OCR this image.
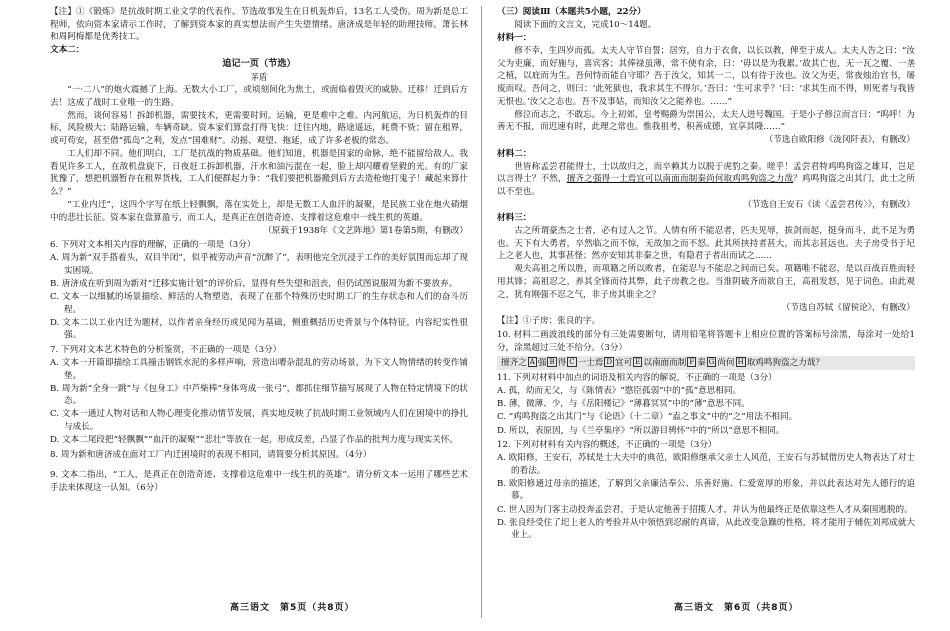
【注】①《锻炼》是抗战时期工业文学的代表作。节选故事发生在日机轰炸后，13名工人受伤。周为新是总工程师，依向资本家请示工作时，了解到资本家的真实想法而产生失望情绪。唐济成是年轻的助理技师。萧长林和周阿梅都是优秀技工。

文本二：

追记一页（节选）

茅盾

“一·二八”的炮火震撼了上海。无数大小工厂，或顷刻间化为焦土，或面临着毁灭的威胁。迁移！迁到后方去！这成了战时工业唯一的生路。

然而，谈何容易！拆卸机器，需要技术，更需要时间。运输，更是难中之难。内河航运，为日机轰炸的目标，风险极大；陆路运输，车辆奇缺。资本家们算盘打得飞快：迁往内地，路途遥远，耗费不赀；留在租界，或可苟安，甚至借“孤岛”之利，发点“国难财”。动摇、观望、拖延，成了许多老板的常态。

工人们却不同。他们明白，工厂是抗战的物质基础。他们知道，机器是国家的命脉，绝不能留给敌人。我看见许多工人，在敌机盘旋下，日夜赶工拆卸机器，汗水和油污混在一起，脸上却闪耀着坚毅的光。有的厂家犹豫了，想把机器暂存在租界货栈，工人们便群起力争：“我们要把机器搬到后方去造枪炮打鬼子！藏起来算什么？”

“工业内迁”，这四个字写在纸上轻飘飘，落在实处上，却是无数工人血汗的凝聚，是民族工业在炮火硝烟中的悲壮长征。资本家在盘算盈亏，而工人，是真正在创造奇迹、支撑着这危难中一线生机的英雄。

（原载于1938年《文艺阵地》第1卷第5期，有删改）

6. 下列对文本相关内容的理解，正确的一项是（3分）

A. 周为新“双手搭着头，双目半闭”，似乎被劳动声音“沉醉了”，表明他完全沉浸于工作的美好氛围而忘却了现实困境。

B. 唐济成在听到周为新对“迁移实施计划”的评价后，显得有些失望和沮丧，但仍试图说服周为新不要放弃。

C. 文本一以细腻的场景描绘、鲜活的人物塑造，表现了在那个特殊历史时期工厂的生存状态和人们的奋斗历程。

D. 文本二以工业内迁为题材，以作者亲身经历或见闻为基础，侧重概括历史背景与个体特征，内容纪实性很强。

7. 下列对文本艺术特色的分析鉴赏，不正确的一项是（3分）

A. 文本一开篇即描绘工具撞击钢铁水泥的多样声响，营造出嘈杂混乱的劳动场景，为下文人物情绪的转变作铺垫。

B. 周为新“全身一跳”与《包身工》中芦柴棒“身体弯成一张弓”，都抓住细节描写展现了人物在特定情境下的状态。

C. 文本一通过人物对话和人物心理变化推动情节发展，真实地反映了抗战时期工业领域内人们在困境中的挣扎与成长。

D. 文本二尾段把“轻飘飘”“血汗的凝聚”“悲壮”等放在一起，形成反差，凸显了作品的批判力度与现实关怀。

8. 周为新和唐济成在面对工厂内迁困境时的表现不相同，请简要分析其原因。（4分）

9. 文本二指出，“工人，是真正在创造奇迹、支撑着这危难中一线生机的英雄”。请分析文本一运用了哪些艺术手法来体现这一认知。（6分）

（三）阅读Ⅲ（本题共5小题，22分）

阅读下面的文言文，完成10～14题。

材料一：

修不幸，生四岁而孤。太夫人守节自誓；居穷，自力于衣食，以长以教，俾至于成人。太夫人告之曰：“汝父为吏廉，而好施与，喜宾客；其俸禄虽薄，常不使有余，曰：‘毋以是为我累。’故其亡也，无一瓦之覆、一垄之植，以庇而为生。吾何恃而能自守耶？吾于汝父，知其一二，以有待于汝也。汝父为吏，常夜烛治官书，屡废而叹。吾问之，则曰：‘此死狱也，我求其生不得尔。’吾曰：‘生可求乎？’曰：‘求其生而不得，则死者与我皆无恨也。’汝父之志也。吾不及事姑，而知汝父之能养也。……”

修泣而志之，不敢忘。今上初郊，皇考赐爵为崇国公，太夫人进号魏国。于是小子修泣而言曰：“呜呼！为善无不报，而迟速有时，此理之常也。惟我祖考，积善成德，宜享其隆……”

（节选自欧阳修《泷冈阡表》，有删改）

材料二：

世皆称孟尝君能得士，士以故归之，而卒赖其力以脱于虎豹之秦。嗟乎！孟尝君特鸡鸣狗盗之雄耳，岂足以言得士？不然，擅齐之强得一士焉宜可以南面而制秦尚何取鸡鸣狗盗之力哉？鸡鸣狗盗之出其门，此士之所以不至也。

（节选自王安石《读〈孟尝君传〉》，有删改）

材料三：

古之所谓豪杰之士者，必有过人之节。人情有所不能忍者，匹夫见辱，拔剑而起，挺身而斗，此不足为勇也。天下有大勇者，卒然临之而不惊，无故加之而不怒。此其所挟持者甚大，而其志甚远也。夫子房受书于圮上之老人也，其事甚怪；然亦安知其非秦之世，有隐君子者出而试之……

观夫高祖之所以胜，而项籍之所以败者，在能忍与不能忍之间而已矣。项籍唯不能忍，是以百战百胜而轻用其锋；高祖忍之，养其全锋而待其弊，此子房教之也。当淮阴破齐而欲自王，高祖发怒，见于词色。由此观之，犹有刚强不忍之气，非子房其谁全之？

（节选自苏轼《留侯论》，有删改）

【注】①子房：张良的字。

10. 材料二画波浪线的部分有三处需要断句，请用铅笔将答题卡上相应位置的答案标号涂黑，每涂对一处给1分，涂黑超过三处不给分。（3分）

擅齐之 A 强 B 得 C 一士焉 D 宜可 E 以南面而制 F 秦 G 尚何 H 取鸡鸣狗盗之力哉？

11. 下列对材料中加点的词语及相关内容的解说，不正确的一项是（3分）

A. 孤，幼而无父，与《陈情表》“愍臣孤弱”中的“孤”意思相同。

B. 薄，微薄、少，与《岳阳楼记》“薄暮冥冥”中的“薄”意思不同。

C. “鸡鸣狗盗之出其门”与《论语》（十二章）“盍之事文”中的“之”用法不相同。

D. 所以，表原因，与《兰亭集序》“所以游目骋怀”中的“所以”意思不相同。

12. 下列对材料有关内容的概述，不正确的一项是（3分）

A. 欧阳修，王安石，苏轼是士大夫中的典范，欧阳修继承父亲士人风范，王安石与苏轼借历史人物表达了对士的看法。

B. 欧阳修通过母亲的描述，了解到父亲廉洁奉公、乐善好施、仁爱宽厚的形象，并以此表达对先人德行的追慕。

C. 世人因为门客主动投奔孟尝君，于是认定他善于招揽人才，并认为他最终正是依靠这些人才从秦国逃脱的。

D. 张良经受住了圯上老人的考验并从中领悟到忍耐的真谛，从此改变急躁的性格，将才能用于辅佐刘邦成就大业上。

高三语文　第5页（共8页）	高三语文　第6页（共8页）
